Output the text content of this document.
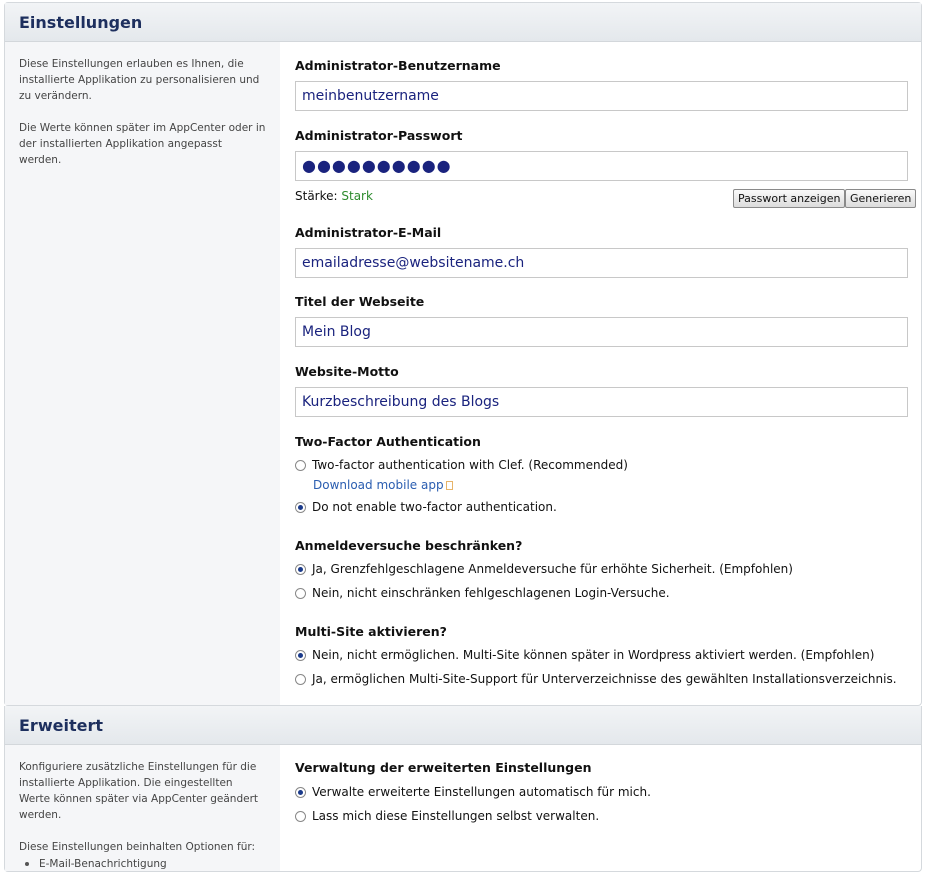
Einstellungen

Diese Einstellungen erlauben es Ihnen, die installierte Applikation zu personalisieren und zu verändern.

Die Werte können später im AppCenter oder in der installierten Applikation angepasst werden.

Administrator-Benutzername
meinbenutzername
Administrator-Passwort
●●●●●●●●●●
Stärke: Stark	Passwort anzeigen Generieren
Administrator-E-Mail
emailadresse@websitename.ch
Titel der Webseite
Mein Blog
Website-Motto
Kurzbeschreibung des Blogs
Two-Factor Authentication
Two-factor authentication with Clef. (Recommended)
Download mobile app
Do not enable two-factor authentication.
Anmeldeversuche beschränken?
Ja, Grenzfehlgeschlagene Anmeldeversuche für erhöhte Sicherheit. (Empfohlen)
Nein, nicht einschränken fehlgeschlagenen Login-Versuche.
Multi-Site aktivieren?
Nein, nicht ermöglichen. Multi-Site können später in Wordpress aktiviert werden. (Empfohlen)
Ja, ermöglichen Multi-Site-Support für Unterverzeichnisse des gewählten Installationsverzeichnis.
Erweitert

Konfiguriere zusätzliche Einstellungen für die installierte Applikation. Die eingestellten Werte können später via AppCenter geändert werden.

Diese Einstellungen beinhalten Optionen für:

E-Mail-Benachrichtigung
Verwaltung der erweiterten Einstellungen
Verwalte erweiterte Einstellungen automatisch für mich.
Lass mich diese Einstellungen selbst verwalten.
